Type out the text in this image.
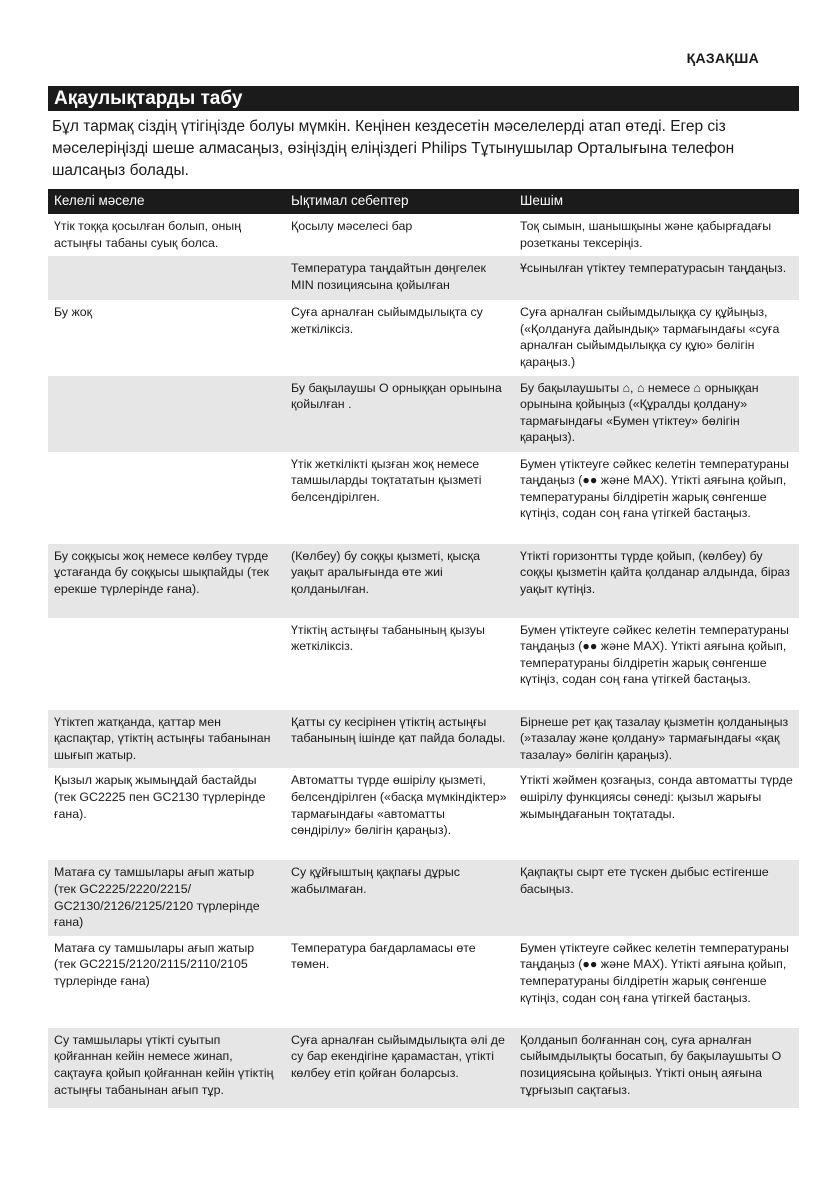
ҚАЗАҚША
Ақаулықтарды табу

Бұл тармақ сіздің үтігіңізде болуы мүмкін. Кеңінен кездесетін мәселелерді атап өтеді. Егер сіз мәселеріңізді шеше алмасаңыз, өзіңіздің еліңіздегі Philips Тұтынушылар Орталығына телефон шалсаңыз болады.

Келелі мәселе	Ықтимал себептер	Шешім
Үтік тоққа қосылған болып, оның астыңғы табаны суық болса.	Қосылу мәселесі бар	Тоқ сымын, шанышқыны және қабырғадағы розетканы тексеріңіз.
	Температура таңдайтын дөңгелек MIN позициясына қойылған	Ұсынылған үтіктеу температурасын таңдаңыз.
Бу жоқ	Суға арналған сыйымдылықта су жеткіліксіз.	Суға арналған сыйымдылыққа су құйыңыз, («Қолдануға дайындық» тармағындағы «суға арналған сыйымдылыққа су құю» бөлігін қараңыз.)
	Бу бақылаушы O орныққан орынына қойылған .	Бу бақылаушыты ⌂, ⌂ немесе ⌂ орныққан орынына қойыңыз («Құралды қолдану» тармағындағы «Бумен үтіктеу» бөлігін қараңыз).
	Үтік жеткілікті қызған жоқ немесе тамшыларды тоқтататын қызметі белсендірілген.	Бумен үтіктеуге сәйкес келетін температураны таңдаңыз (●● және MAX). Үтікті аяғына қойып, температураны білдіретін жарық сөнгенше күтіңіз, содан соң ғана үтігкей бастаңыз.
Бу соққысы жоқ немесе көлбеу түрде ұстағанда бу соққысы шықпайды (тек ерекше түрлерінде ғана).	(Көлбеу) бу соққы қызметі, қысқа уақыт аралығында өте жиі қолданылған.	Үтікті горизонтты түрде қойып, (көлбеу) бу соққы қызметін қайта қолданар алдында, біраз уақыт күтіңіз.
	Үтіктің астыңғы табанының қызуы жеткіліксіз.	Бумен үтіктеуге сәйкес келетін температураны таңдаңыз (●● және MAX). Үтікті аяғына қойып, температураны білдіретін жарық сөнгенше күтіңіз, содан соң ғана үтігкей бастаңыз.
Үтіктеп жатқанда, қаттар мен қаспақтар, үтіктің астыңғы табанынан шығып жатыр.	Қатты су кесірінен үтіктің астыңғы табанының ішінде қат пайда болады.	Бірнеше рет қақ тазалау қызметін қолданыңыз (»тазалау және қолдану» тармағындағы «қақ тазалау» бөлігін қараңыз).
Қызыл жарық жымыңдай бастайды (тек GC2225 пен GC2130 түрлерінде ғана).	Автоматты түрде өшірілу қызметі, белсендірілген («басқа мүмкіндіктер» тармағындағы «автоматты сөндірілу» бөлігін қараңыз).	Үтікті жәймен қозғаңыз, сонда автоматты түрде өшірілу функциясы сөнеді: қызыл жарығы жымыңдағанын тоқтатады.
Матаға су тамшылары ағып жатыр (тек GC2225/2220/2215/ GC2130/2126/2125/2120 түрлерінде ғана)	Су құйғыштың қақпағы дұрыс жабылмаған.	Қақпақты сырт ете түскен дыбыс естігенше басыңыз.
Матаға су тамшылары ағып жатыр (тек GC2215/2120/2115/2110/2105 түрлерінде ғана)	Температура бағдарламасы өте төмен.	Бумен үтіктеуге сәйкес келетін температураны таңдаңыз (●● және MAX). Үтікті аяғына қойып, температураны білдіретін жарық сөнгенше күтіңіз, содан соң ғана үтігкей бастаңыз.
Су тамшылары үтікті суытып қойғаннан кейін немесе жинап, сақтауға қойып қойғаннан кейін үтіктің астыңғы табанынан ағып тұр.	Суға арналған сыйымдылықта әлі де су бар екендігіне қарамастан, үтікті көлбеу етіп қойған боларсыз.	Қолданып болғаннан соң, суға арналған сыйымдылықты босатып, бу бақылаушыты O позициясына қойыңыз. Үтікті оның аяғына тұрғызып сақтағыз.
